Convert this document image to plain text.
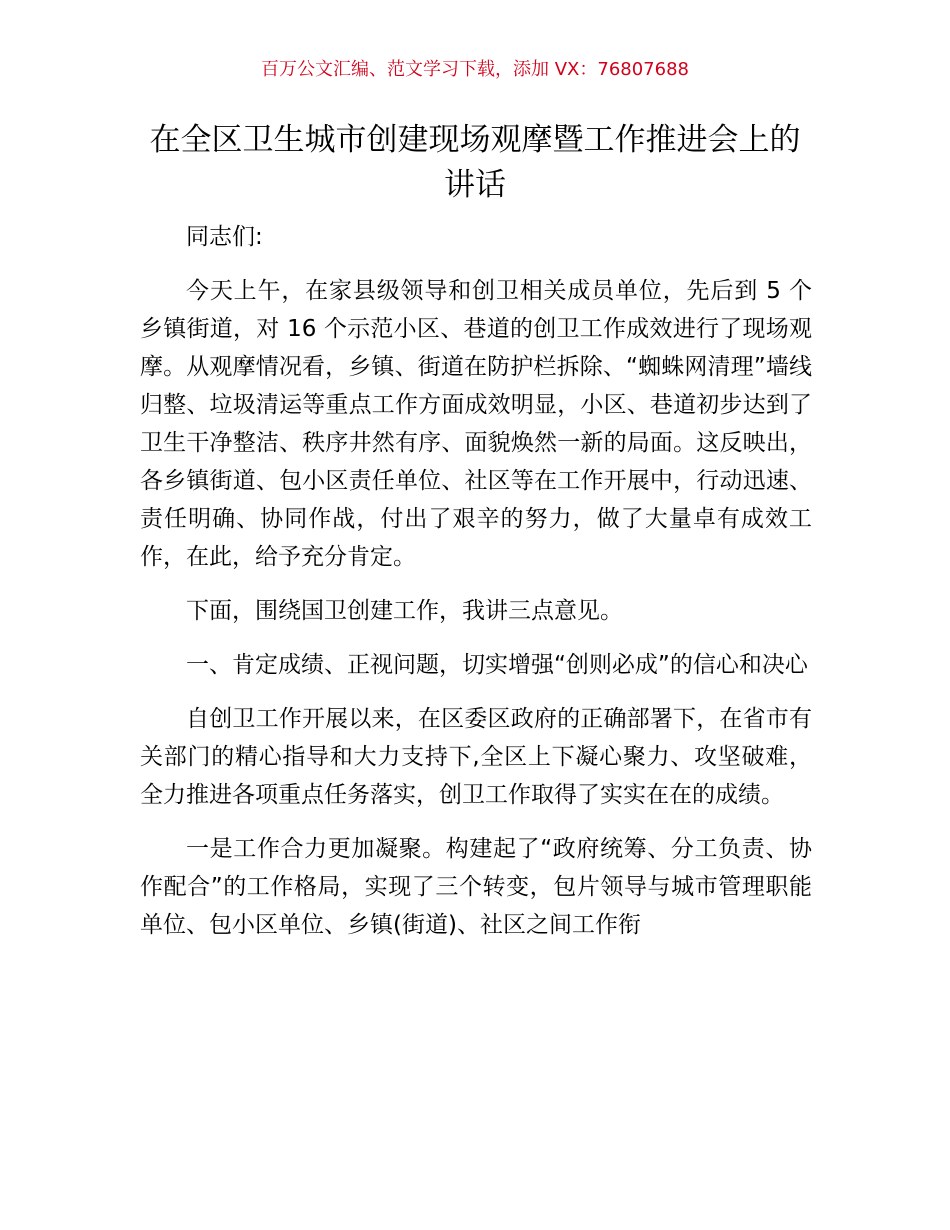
百万公文汇编、范文学习下载，添加 VX：76807688
在全区卫生城市创建现场观摩暨工作推进会上的讲话

同志们:

今天上午，在家县级领导和创卫相关成员单位，先后到 5 个乡镇街道，对 16 个示范小区、巷道的创卫工作成效进行了现场观摩。从观摩情况看，乡镇、街道在防护栏拆除、“蜘蛛网清理”墙线归整、垃圾清运等重点工作方面成效明显，小区、巷道初步达到了卫生干净整洁、秩序井然有序、面貌焕然一新的局面。这反映出，各乡镇街道、包小区责任单位、社区等在工作开展中，行动迅速、责任明确、协同作战，付出了艰辛的努力，做了大量卓有成效工作，在此，给予充分肯定。

下面，围绕国卫创建工作，我讲三点意见。

一、肯定成绩、正视问题，切实增强“创则必成”的信心和决心

自创卫工作开展以来，在区委区政府的正确部署下，在省市有关部门的精心指导和大力支持下,全区上下凝心聚力、攻坚破难，全力推进各项重点任务落实，创卫工作取得了实实在在的成绩。

一是工作合力更加凝聚。构建起了“政府统筹、分工负责、协作配合”的工作格局，实现了三个转变，包片领导与城市管理职能单位、包小区单位、乡镇(街道)、社区之间工作衔
